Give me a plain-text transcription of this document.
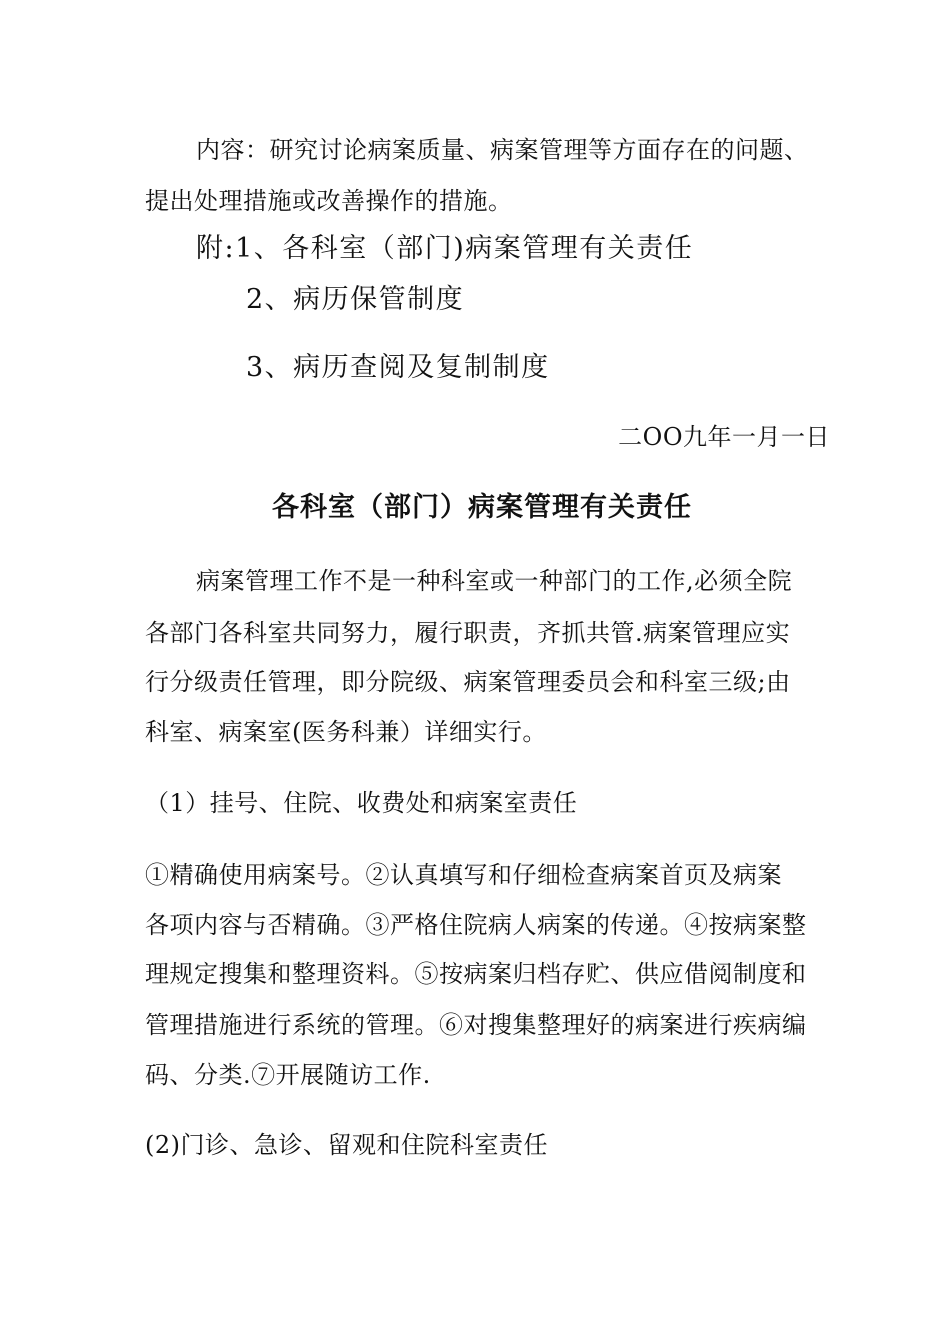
内容：研究讨论病案质量、病案管理等方面存在的问题、
提出处理措施或改善操作的措施。
附:1、各科室（部门)病案管理有关责任
2、病历保管制度
3、病历查阅及复制制度
二OO九年一月一日
各科室（部门）病案管理有关责任
病案管理工作不是一种科室或一种部门的工作,必须全院
各部门各科室共同努力，履行职责，齐抓共管.病案管理应实
行分级责任管理，即分院级、病案管理委员会和科室三级;由
科室、病案室(医务科兼）详细实行。
（1）挂号、住院、收费处和病案室责任
①精确使用病案号。②认真填写和仔细检查病案首页及病案
各项内容与否精确。③严格住院病人病案的传递。④按病案整
理规定搜集和整理资料。⑤按病案归档存贮、供应借阅制度和
管理措施进行系统的管理。⑥对搜集整理好的病案进行疾病编
码、分类.⑦开展随访工作.
(2)门诊、急诊、留观和住院科室责任
